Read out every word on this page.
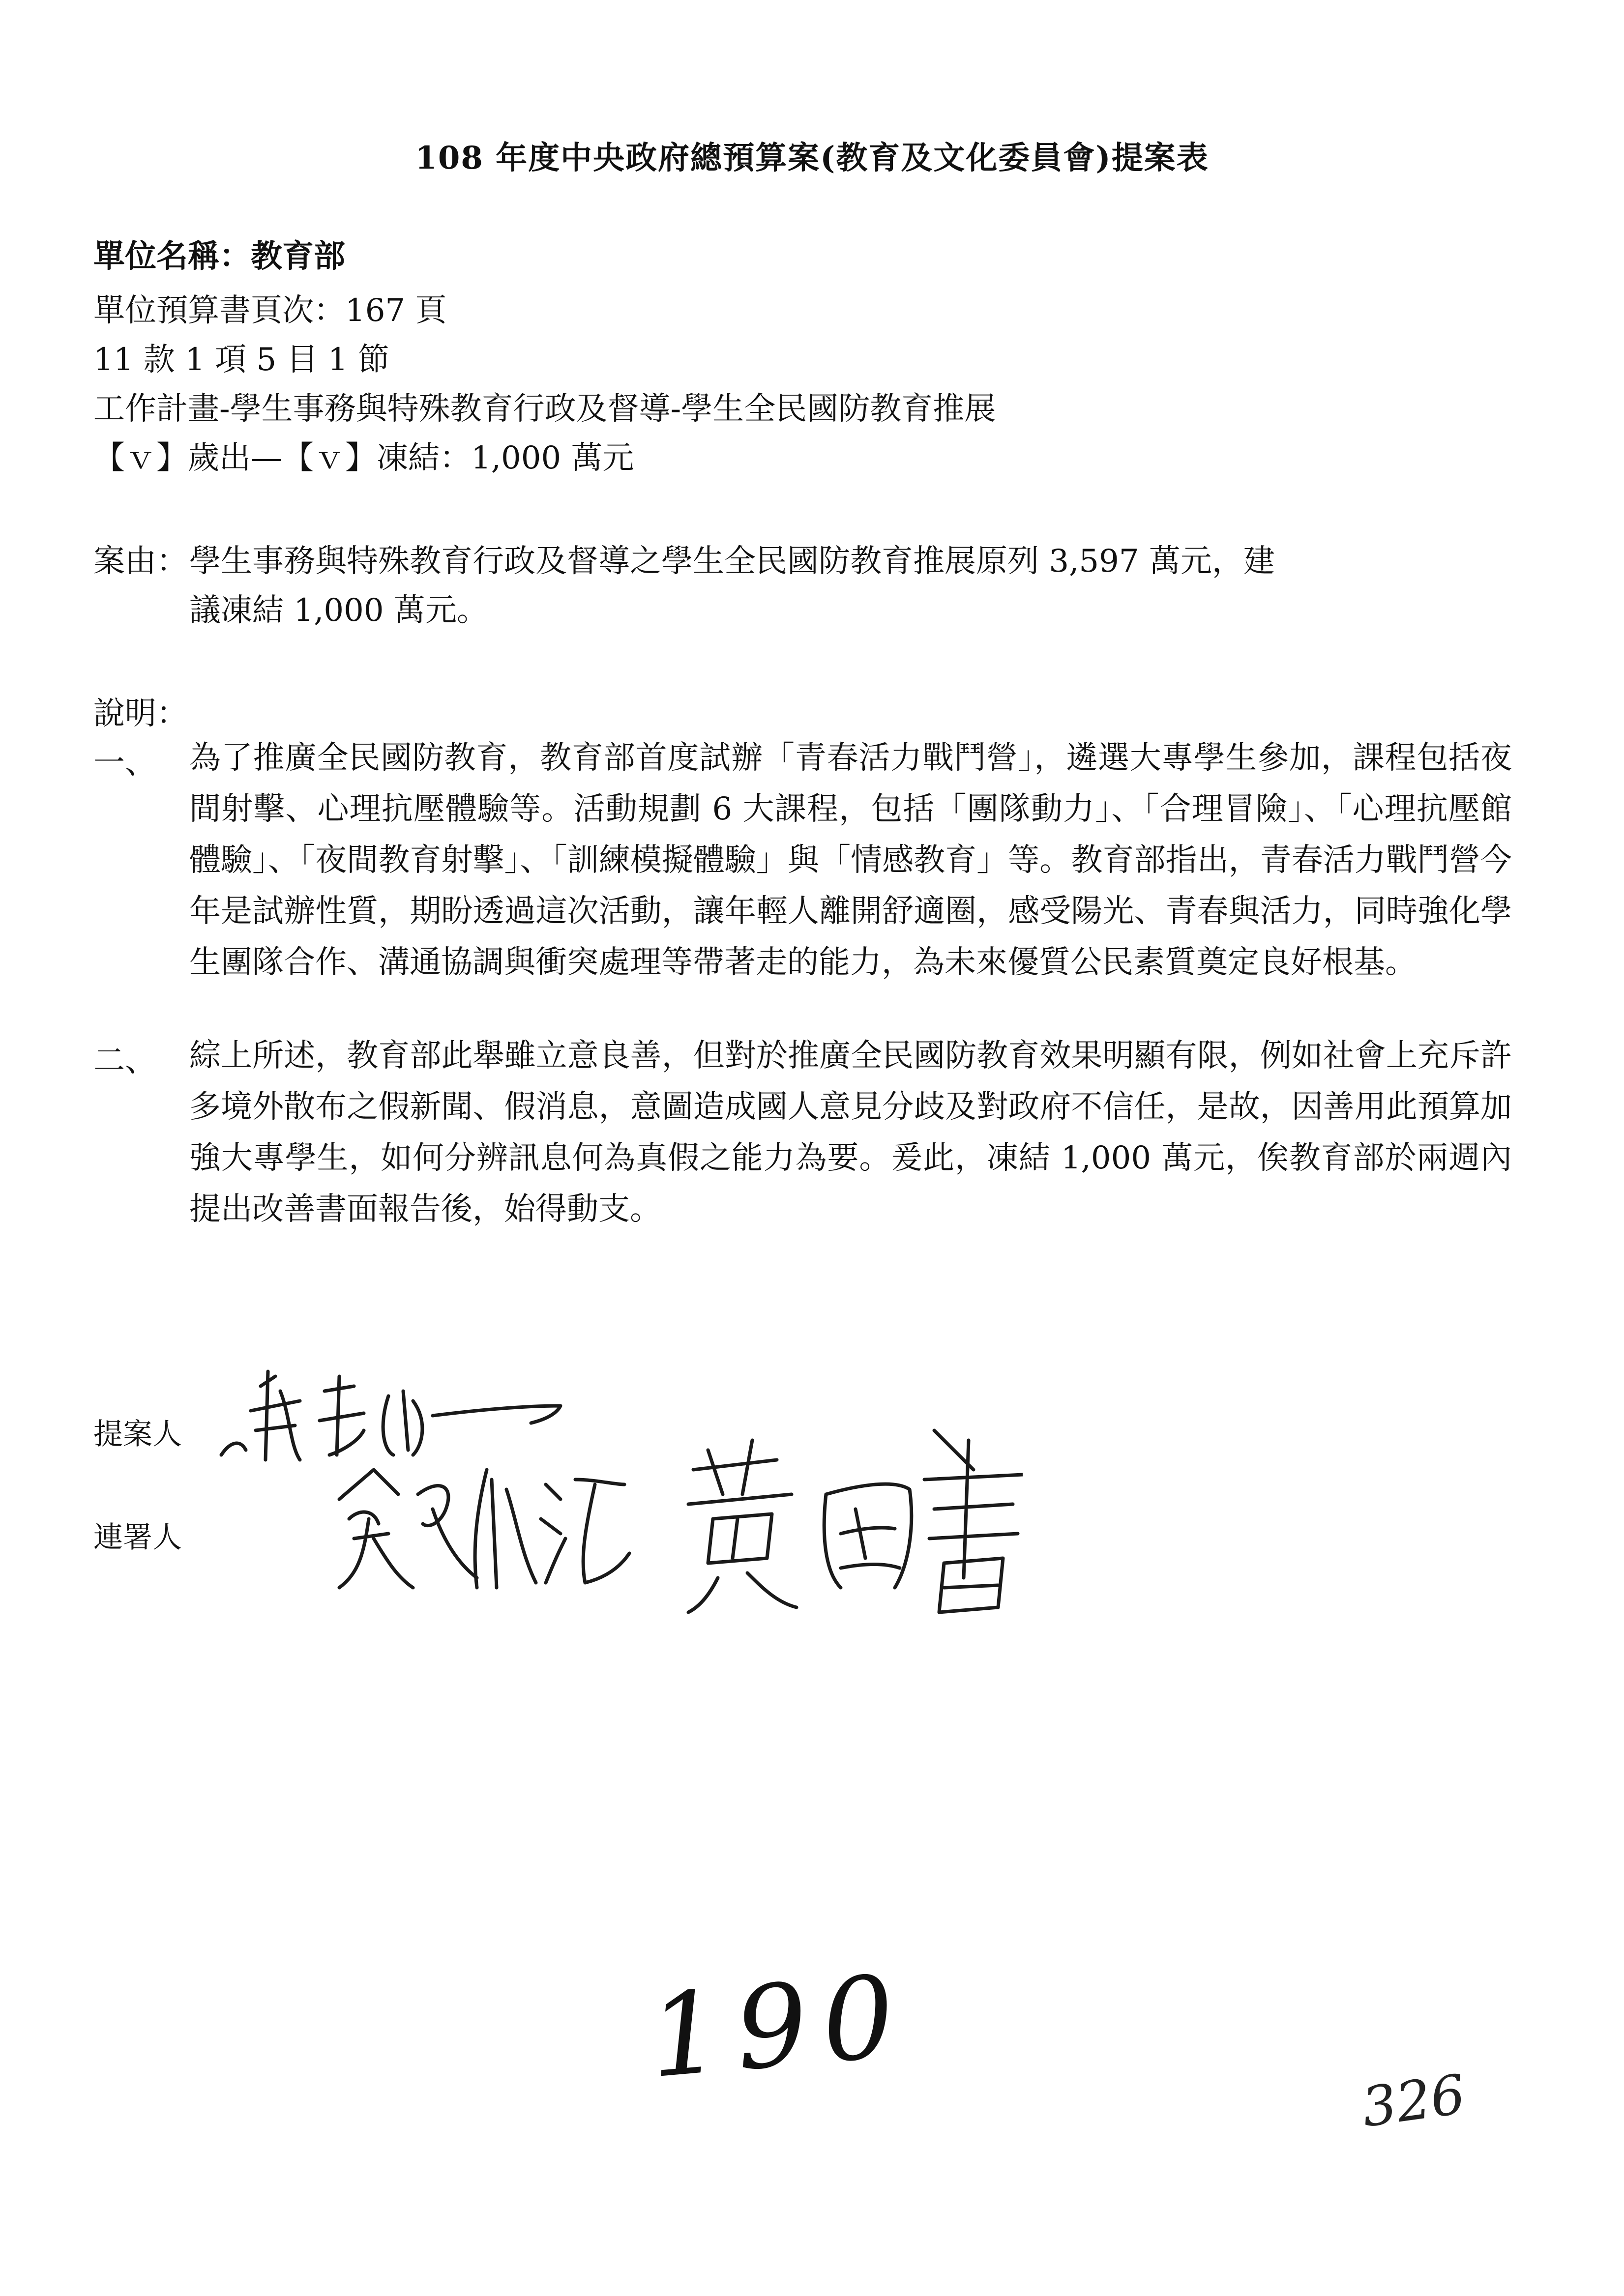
108 年度中央政府總預算案(教育及文化委員會)提案表
單位名稱：教育部
單位預算書頁次：167 頁
11 款 1 項 5 目 1 節
工作計畫-學生事務與特殊教育行政及督導-學生全民國防教育推展
【ｖ】歲出—【ｖ】凍結：1,000 萬元
案由： 學生事務與特殊教育行政及督導之學生全民國防教育推展原列 3,597 萬元，建
議凍結 1,000 萬元。
說明：
一、 為了推廣全民國防教育，教育部首度試辦「青春活力戰鬥營」，遴選大專學生參加，課程包括夜間射擊、心理抗壓體驗等。活動規劃 6 大課程，包括「團隊動力」、「合理冒險」、「心理抗壓館體驗」、「夜間教育射擊」、「訓練模擬體驗」與「情感教育」等。教育部指出，青春活力戰鬥營今年是試辦性質，期盼透過這次活動，讓年輕人離開舒適圈，感受陽光、青春與活力，同時強化學生團隊合作、溝通協調與衝突處理等帶著走的能力，為未來優質公民素質奠定良好根基。
二、 綜上所述，教育部此舉雖立意良善，但對於推廣全民國防教育效果明顯有限，例如社會上充斥許多境外散布之假新聞、假消息，意圖造成國人意見分歧及對政府不信任，是故，因善用此預算加強大專學生，如何分辨訊息何為真假之能力為要。爰此，凍結 1,000 萬元，俟教育部於兩週內提出改善書面報告後，始得動支。
提案人
連署人
190	326
